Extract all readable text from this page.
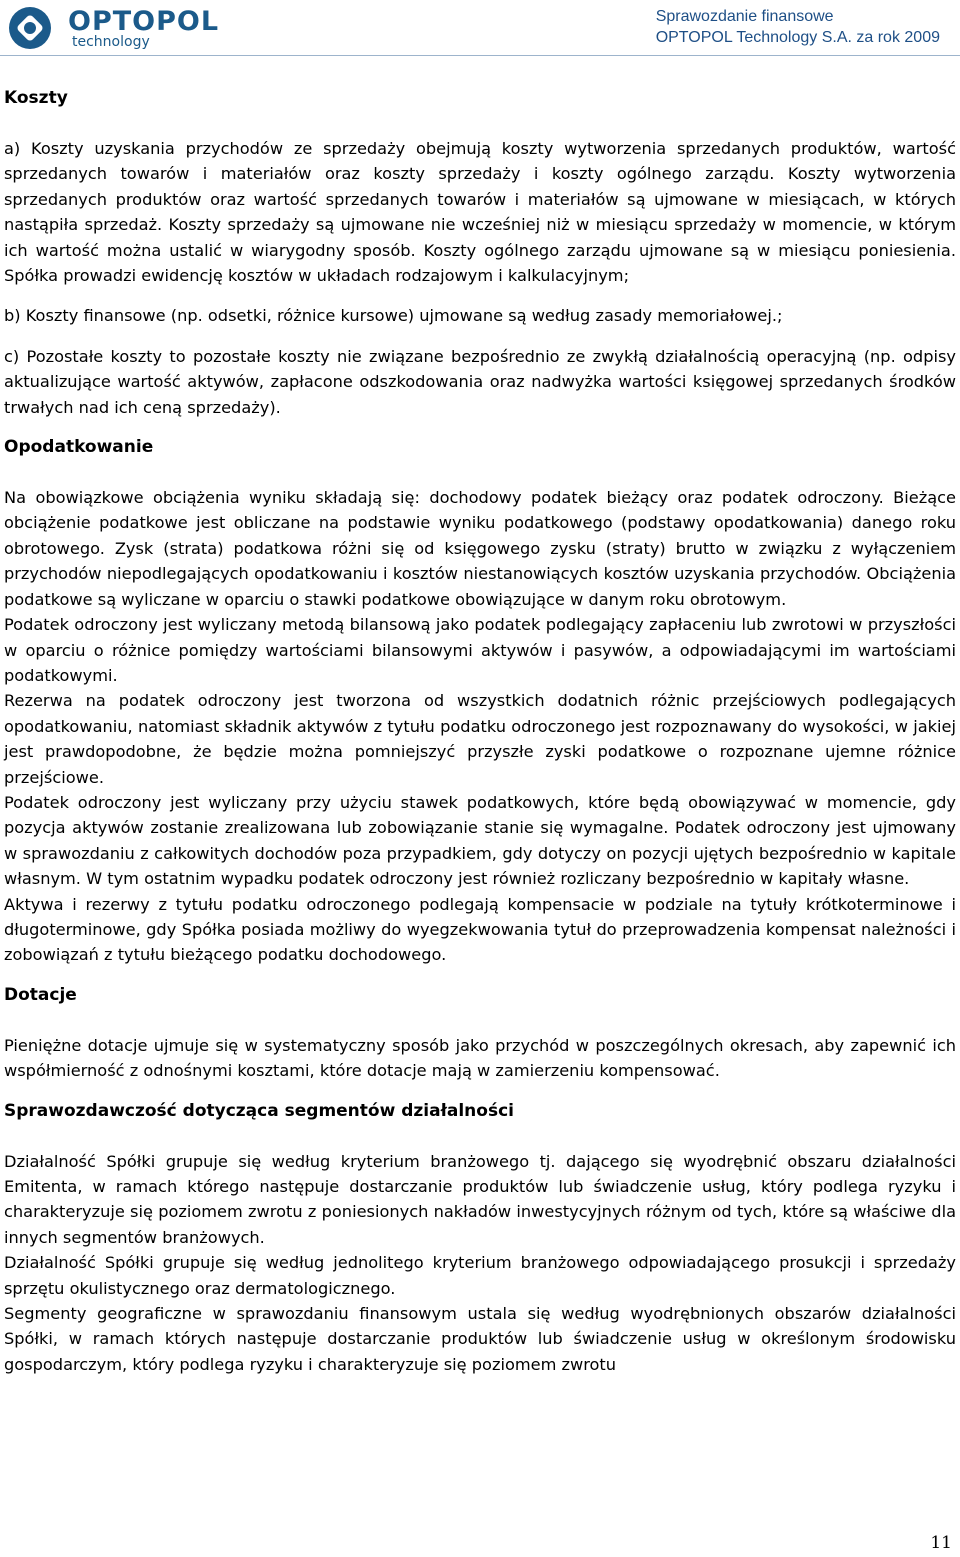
OPTOPOL
technology
Sprawozdanie finansowe
OPTOPOL Technology S.A. za rok 2009
Koszty

a) Koszty uzyskania przychodów ze sprzedaży obejmują koszty wytworzenia sprzedanych produktów, wartość sprzedanych towarów i materiałów oraz koszty sprzedaży i koszty ogólnego zarządu. Koszty wytworzenia sprzedanych produktów oraz wartość sprzedanych towarów i materiałów są ujmowane w miesiącach, w których nastąpiła sprzedaż. Koszty sprzedaży są ujmowane nie wcześniej niż w miesiącu sprzedaży w momencie, w którym ich wartość można ustalić w wiarygodny sposób. Koszty ogólnego zarządu ujmowane są w miesiącu poniesienia. Spółka prowadzi ewidencję kosztów w układach rodzajowym i kalkulacyjnym;

b) Koszty finansowe (np. odsetki, różnice kursowe) ujmowane są według zasady memoriałowej.;

c) Pozostałe koszty to pozostałe koszty nie związane bezpośrednio ze zwykłą działalnością operacyjną (np. odpisy aktualizujące wartość aktywów, zapłacone odszkodowania oraz nadwyżka wartości księgowej sprzedanych środków trwałych nad ich ceną sprzedaży).

Opodatkowanie

Na obowiązkowe obciążenia wyniku składają się: dochodowy podatek bieżący oraz podatek odroczony. Bieżące obciążenie podatkowe jest obliczane na podstawie wyniku podatkowego (podstawy opodatkowania) danego roku obrotowego. Zysk (strata) podatkowa różni się od księgowego zysku (straty) brutto w związku z wyłączeniem przychodów niepodlegających opodatkowaniu i kosztów niestanowiących kosztów uzyskania przychodów. Obciążenia podatkowe są wyliczane w oparciu o stawki podatkowe obowiązujące w danym roku obrotowym.

Podatek odroczony jest wyliczany metodą bilansową jako podatek podlegający zapłaceniu lub zwrotowi w przyszłości w oparciu o różnice pomiędzy wartościami bilansowymi aktywów i pasywów, a odpowiadającymi im wartościami podatkowymi.

Rezerwa na podatek odroczony jest tworzona od wszystkich dodatnich różnic przejściowych podlegających opodatkowaniu, natomiast składnik aktywów z tytułu podatku odroczonego jest rozpoznawany do wysokości, w jakiej jest prawdopodobne, że będzie można pomniejszyć przyszłe zyski podatkowe o rozpoznane ujemne różnice przejściowe.

Podatek odroczony jest wyliczany przy użyciu stawek podatkowych, które będą obowiązywać w momencie, gdy pozycja aktywów zostanie zrealizowana lub zobowiązanie stanie się wymagalne. Podatek odroczony jest ujmowany w sprawozdaniu z całkowitych dochodów poza przypadkiem, gdy dotyczy on pozycji ujętych bezpośrednio w kapitale własnym. W tym ostatnim wypadku podatek odroczony jest również rozliczany bezpośrednio w kapitały własne.

Aktywa i rezerwy z tytułu podatku odroczonego podlegają kompensacie w podziale na tytuły krótkoterminowe i długoterminowe, gdy Spółka posiada możliwy do wyegzekwowania tytuł do przeprowadzenia kompensat należności i zobowiązań z tytułu bieżącego podatku dochodowego.

Dotacje

Pieniężne dotacje ujmuje się w systematyczny sposób jako przychód w poszczególnych okresach, aby zapewnić ich współmierność z odnośnymi kosztami, które dotacje mają w zamierzeniu kompensować.

Sprawozdawczość dotycząca segmentów działalności

Działalność Spółki grupuje się według kryterium branżowego tj. dającego się wyodrębnić obszaru działalności Emitenta, w ramach którego następuje dostarczanie produktów lub świadczenie usług, który podlega ryzyku i charakteryzuje się poziomem zwrotu z poniesionych nakładów inwestycyjnych różnym od tych, które są właściwe dla innych segmentów branżowych.

Działalność Spółki grupuje się według jednolitego kryterium branżowego odpowiadającego prosukcji i sprzedaży sprzętu okulistycznego oraz dermatologicznego.

Segmenty geograficzne w sprawozdaniu finansowym ustala się według wyodrębnionych obszarów działalności Spółki, w ramach których następuje dostarczanie produktów lub świadczenie usług w określonym środowisku gospodarczym, który podlega ryzyku i charakteryzuje się poziomem zwrotu

11
